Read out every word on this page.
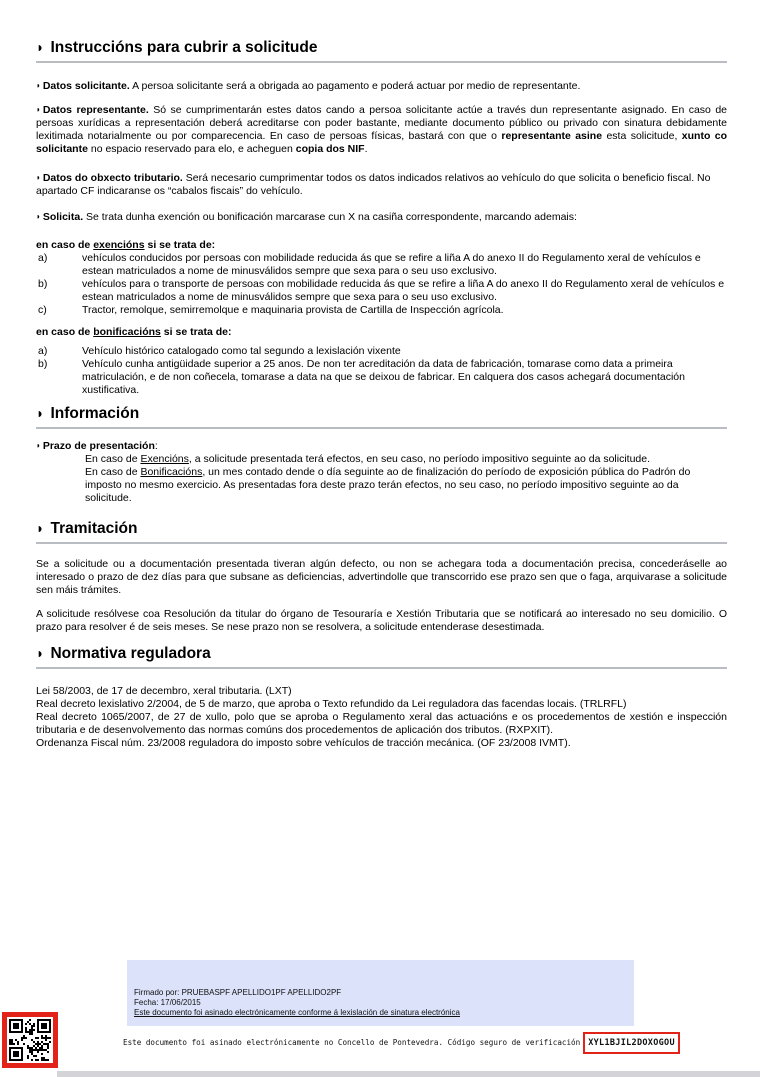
◗ Instruccións para cubrir a solicitude

◗ Datos solicitante. A persoa solicitante será a obrigada ao pagamento e poderá actuar por medio de representante.

◗ Datos representante. Só se cumprimentarán estes datos cando a persoa solicitante actúe a través dun representante asignado. En caso de persoas xurídicas a representación deberá acreditarse con poder bastante, mediante documento público ou privado con sinatura debidamente lexitimada notarialmente ou por comparecencia. En caso de persoas físicas, bastará con que o representante asine esta solicitude, xunto co solicitante no espacio reservado para elo, e acheguen copia dos NIF.

◗ Datos do obxecto tributario. Será necesario cumprimentar todos os datos indicados relativos ao vehículo do que solicita o beneficio fiscal. No apartado CF indicaranse os “cabalos fiscais” do vehículo.

◗ Solicita. Se trata dunha exención ou bonificación marcarase cun X na casiña correspondente, marcando ademais:

en caso de exencións si se trata de:

a)	vehículos conducidos por persoas con mobilidade reducida ás que se refire a liña A do anexo II do Regulamento xeral de vehículos e estean matriculados a nome de minusválidos sempre que sexa para o seu uso exclusivo.
b)	vehículos para o transporte de persoas con mobilidade reducida ás que se refire a liña A do anexo II do Regulamento xeral de vehículos e estean matriculados a nome de minusválidos sempre que sexa para o seu uso exclusivo.
c)	Tractor, remolque, semirremolque e maquinaria provista de Cartilla de Inspección agrícola.

en caso de bonificacións si se trata de:

a)	Vehículo histórico catalogado como tal segundo a lexislación vixente
b)	Vehículo cunha antigüidade superior a 25 anos. De non ter acreditación da data de fabricación, tomarase como data a primeira matriculación, e de non coñecela, tomarase a data na que se deixou de fabricar. En calquera dos casos achegará documentación xustificativa.
◗ Información

◗ Prazo de presentación:

En caso de Exencións, a solicitude presentada terá efectos, en seu caso, no período impositivo seguinte ao da solicitude.

En caso de Bonificacións, un mes contado dende o día seguinte ao de finalización do período de exposición pública do Padrón do imposto no mesmo exercicio. As presentadas fora deste prazo terán efectos, no seu caso, no período impositivo seguinte ao da solicitude.

◗ Tramitación

Se a solicitude ou a documentación presentada tiveran algún defecto, ou non se achegara toda a documentación precisa, concederáselle ao interesado o prazo de dez días para que subsane as deficiencias, advertindolle que transcorrido ese prazo sen que o faga, arquivarase a solicitude sen máis trámites.

A solicitude resólvese coa Resolución da titular do órgano de Tesouraría e Xestión Tributaria que se notificará ao interesado no seu domicilio. O prazo para resolver é de seis meses. Se nese prazo non se resolvera, a solicitude entenderase desestimada.

◗ Normativa reguladora

Lei 58/2003, de 17 de decembro, xeral tributaria. (LXT)

Real decreto lexislativo 2/2004, de 5 de marzo, que aproba o Texto refundido da Lei reguladora das facendas locais. (TRLRFL)

Real decreto 1065/2007, de 27 de xullo, polo que se aproba o Regulamento xeral das actuacións e os procedementos de xestión e inspección tributaria e de desenvolvemento das normas comúns dos procedementos de aplicación dos tributos. (RXPXIT).

Ordenanza Fiscal núm. 23/2008 reguladora do imposto sobre vehículos de tracción mecánica. (OF 23/2008 IVMT).

Firmado por: PRUEBASPF APELLIDO1PF APELLIDO2PF
Fecha: 17/06/2015
Este documento foi asinado electrónicamente conforme á lexislación de sinatura electrónica
Este documento foi asinado electrónicamente no Concello de Pontevedra. Código seguro de verificación XYL1BJIL2DOXOGOU
